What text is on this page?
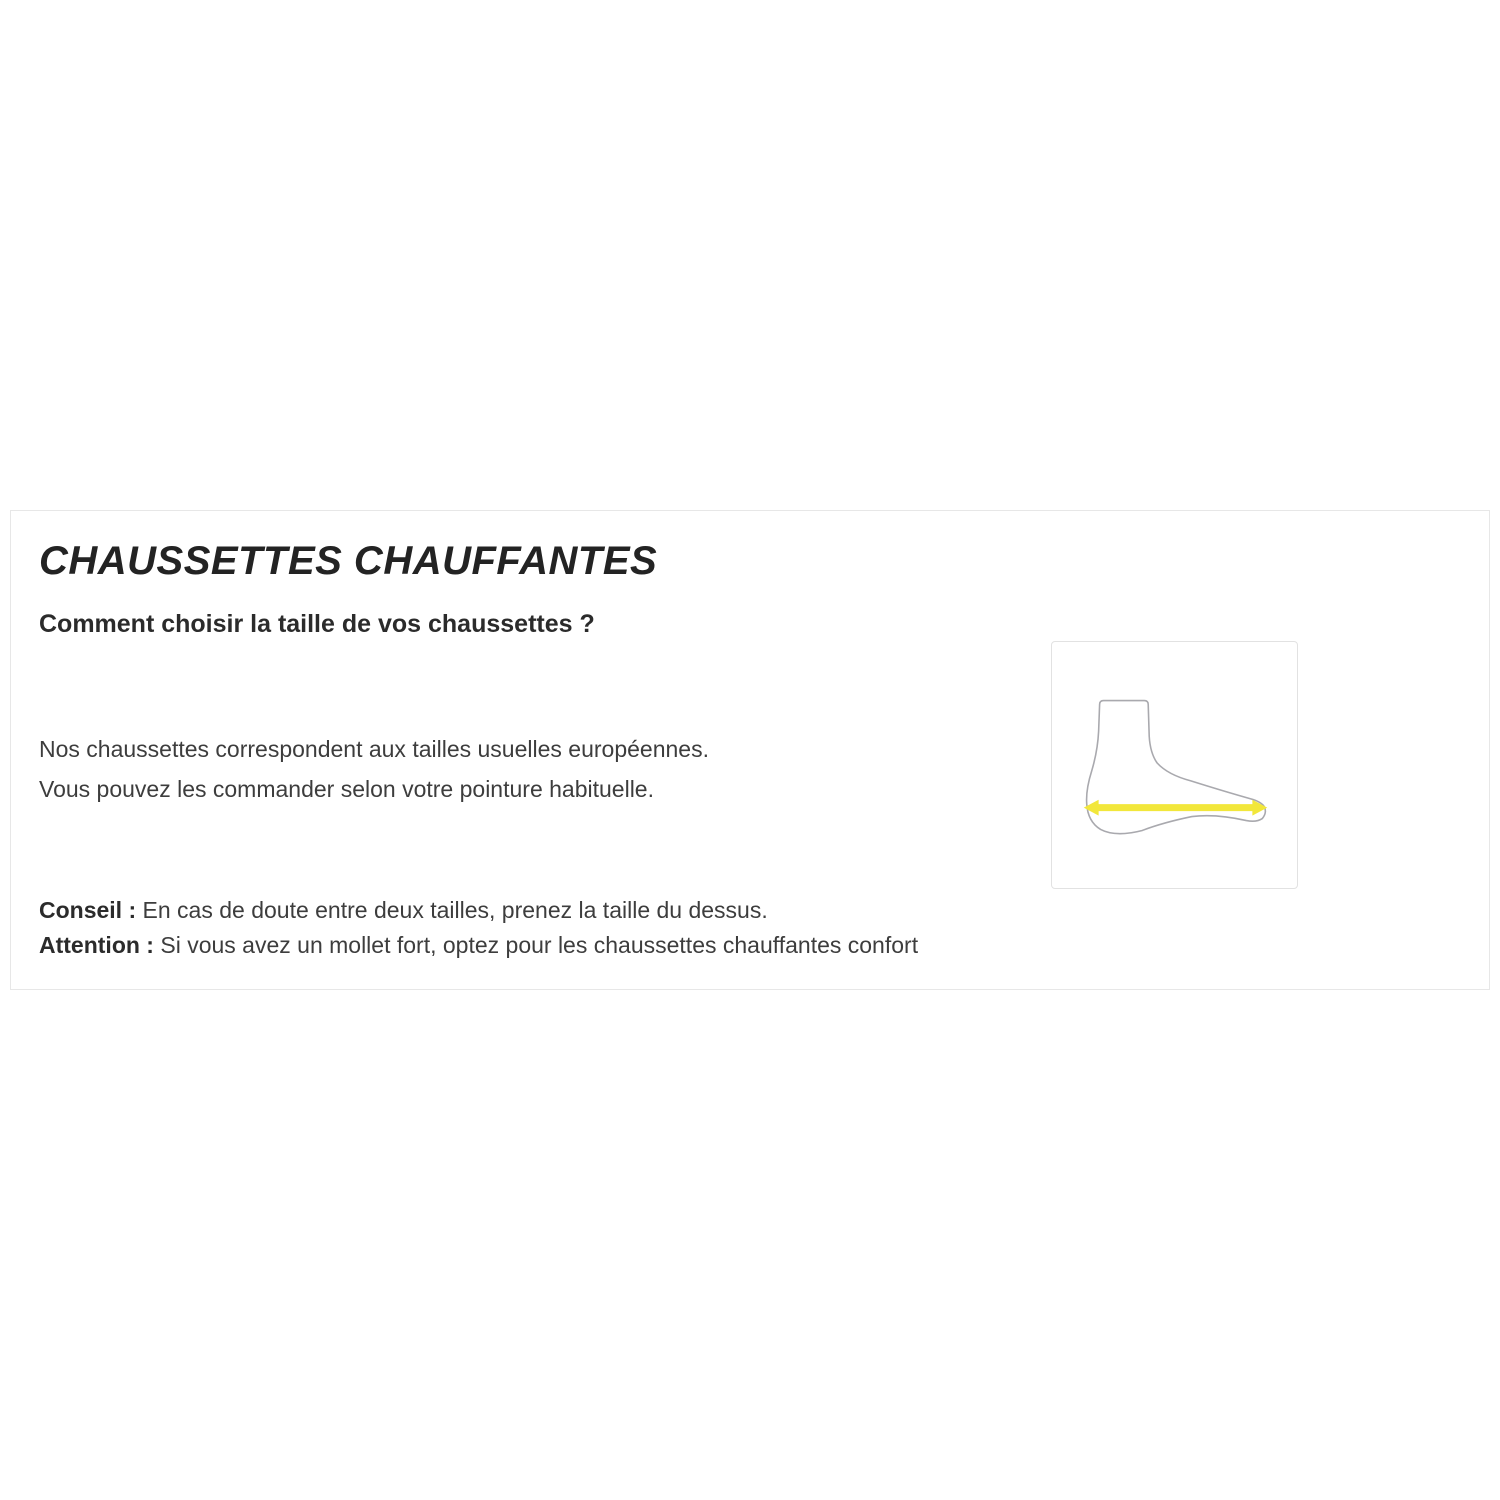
CHAUSSETTES CHAUFFANTES
Comment choisir la taille de vos chaussettes ?

Nos chaussettes correspondent aux tailles usuelles européennes.
Vous pouvez les commander selon votre pointure habituelle.

Conseil : En cas de doute entre deux tailles, prenez la taille du dessus.
Attention : Si vous avez un mollet fort, optez pour les chaussettes chauffantes confort
